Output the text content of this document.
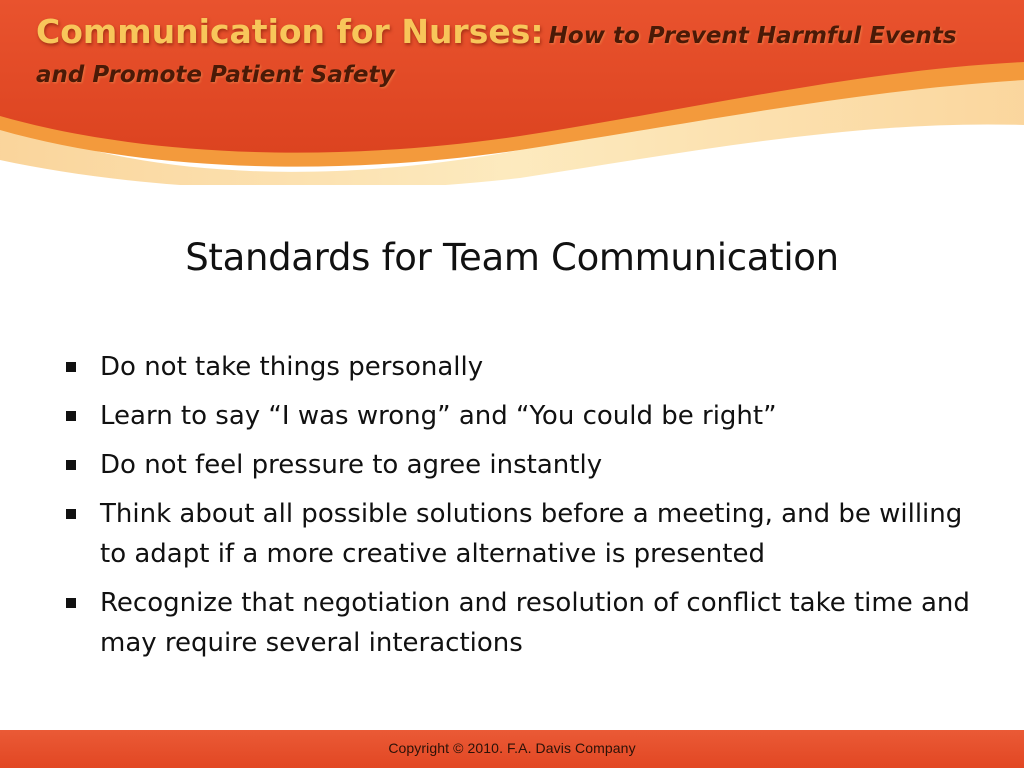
Communication for Nurses: How to Prevent Harmful Events
and Promote Patient Safety
Standards for Team Communication
Do not take things personally
Learn to say “I was wrong” and “You could be right”
Do not feel pressure to agree instantly
Think about all possible solutions before a meeting, and be willing to adapt if a more creative alternative is presented
Recognize that negotiation and resolution of conflict take time and may require several interactions
Copyright © 2010. F.A. Davis Company
